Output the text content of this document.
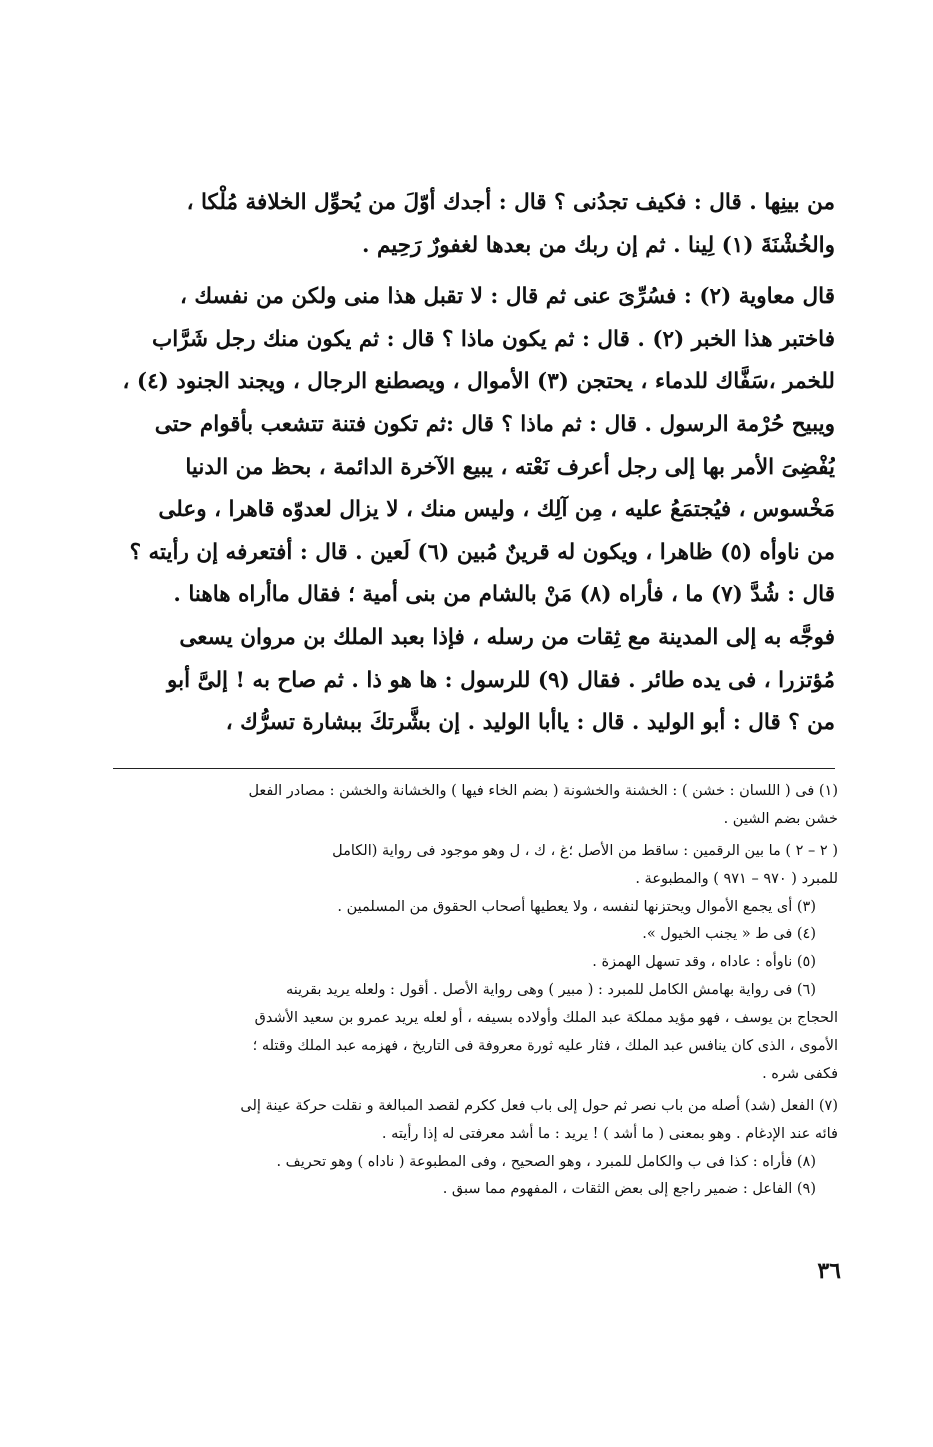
من بينِها . قال : فكيف تجدُنى ؟ قال : أجدك أوّلَ من يُحوِّل الخلافة مُلْكا ،
والخُشْنَةَ (١) لِينا . ثم إن ربك من بعدها لغفورٌ رَحِيم .
قال معاوية (٢) : فسُرِّىَ عنى ثم قال : لا تقبل هذا منى ولكن من نفسك ،
فاختبر هذا الخبر (٢) . قال : ثم يكون ماذا ؟ قال : ثم يكون منك رجل شَرَّاب
للخمر ،سَفَّاك للدماء ، يحتجن (٣) الأموال ، ويصطنع الرجال ، ويجند الجنود (٤) ،
ويبيح حُرْمة الرسول . قال : ثم ماذا ؟ قال :ثم تكون فتنة تتشعب بأقوام حتى
يُفْضِىَ الأمر بها إلى رجل أعرف نَعْته ، يبيع الآخرة الدائمة ، بحظ من الدنيا
مَخْسوس ، فيُجتمَعُ عليه ، مِن آلِك ، وليس منك ، لا يزال لعدوّه قاهرا ، وعلى
من ناوأه (٥) ظاهرا ، ويكون له قرينٌ مُبين (٦) لَعين . قال : أفتعرفه إن رأيته ؟
قال : شُدَّ (٧) ما ، فأراه (٨) مَنْ بالشام من بنى أمية ؛ فقال ماأراه هاهنا .
فوجَّه به إلى المدينة مع ثِقات من رسله ، فإذا بعبد الملك بن مروان يسعى
مُؤتزرا ، فى يده طائر . فقال (٩) للرسول : ها هو ذا . ثم صاح به ! إلىَّ أبو
من ؟ قال : أبو الوليد . قال : ياأبا الوليد . إن بشَّرتكَ ببشارة تسرُّك ،
(١) فى ( اللسان : خشن ) : الخشنة والخشونة ( بضم الخاء فيها ) والخشانة والخشن : مصادر الفعل
خشن بضم الشين .
( ٢ – ٢ ) ما بين الرقمين : ساقط من الأصل ؛غ ، ك ، ل وهو موجود فى رواية (الكامل
للمبرد ( ٩٧٠ – ٩٧١ ) والمطبوعة .
(٣) أى يجمع الأموال ويحتزنها لنفسه ، ولا يعطيها أصحاب الحقوق من المسلمين .
(٤) فى ط « يجنب الخيول ».
(٥) ناوأه : عاداه ، وقد تسهل الهمزة .
(٦) فى رواية بهامش الكامل للمبرد : ( مبير ) وهى رواية الأصل . أقول : ولعله يريد بقرينه
الحجاج بن يوسف ، فهو مؤيد مملكة عبد الملك وأولاده بسيفه ، أو لعله يريد عمرو بن سعيد الأشدق
الأموى ، الذى كان ينافس عبد الملك ، فثار عليه ثورة معروفة فى التاريخ ، فهزمه عبد الملك وقتله ؛
فكفى شره .
(٧) الفعل (شد) أصله من باب نصر ثم حول إلى باب فعل ككرم لقصد المبالغة و نقلت حركة عينة إلى
فائه عند الإدغام . وهو بمعنى ( ما أشد ) ! يريد : ما أشد معرفتى له إذا رأيته .
(٨) فأراه : كذا فى ب والكامل للمبرد ، وهو الصحيح ، وفى المطبوعة ( ناداه ) وهو تحريف .
(٩) الفاعل : ضمير راجع إلى بعض الثقات ، المفهوم مما سبق .
٣٦
